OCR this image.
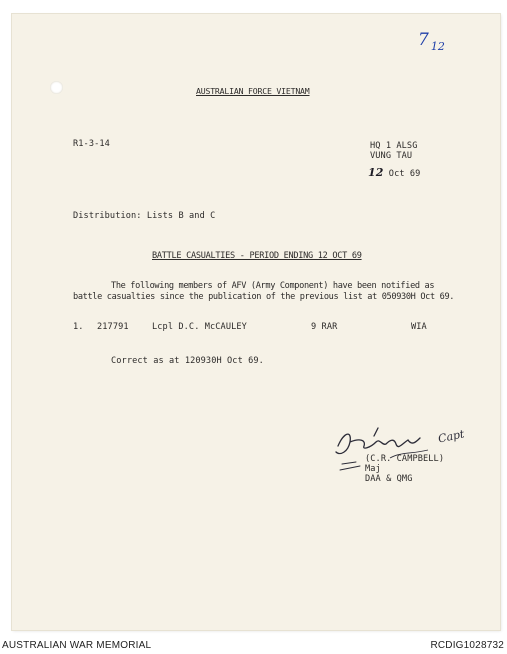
7 $_{12}$
AUSTRALIAN FORCE VIETNAM
R1-3-14	HQ 1 ALSG
VUNG TAU
12 Oct 69
Distribution: Lists B and C
BATTLE CASUALTIES - PERIOD ENDING 12 OCT 69
The following members of AFV (Army Component) have been notified as
battle casualties since the publication of the previous list at 050930H Oct 69.
1. 217791	Lcpl D.C. McCAULEY	9 RAR	WIA
Correct as at 120930H Oct 69.
Capt
(C.R. CAMPBELL)
Maj
DAA & QMG
AUSTRALIAN WAR MEMORIAL	RCDIG1028732
